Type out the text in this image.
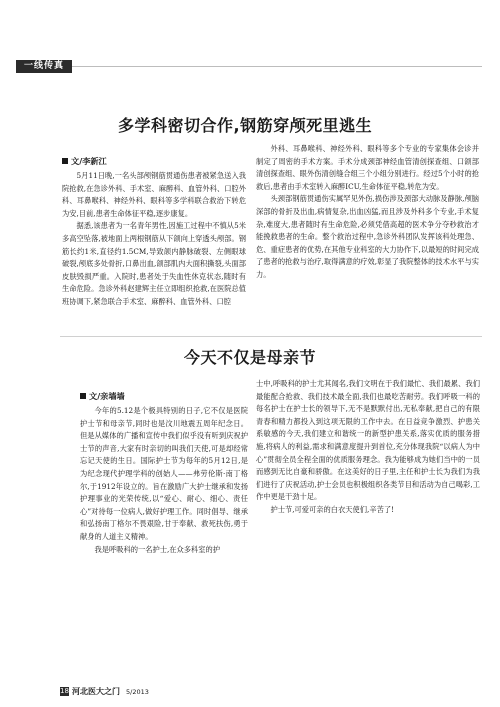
一线传真
多学科密切合作,钢筋穿颅死里逃生
文/李新江

5月11日晚,一名头部颅钢筋贯通伤患者被紧急送入我院抢救,在急诊外科、手术室、麻醉科、血管外科、口腔外科、耳鼻喉科、神经外科、眼科等多学科联合救治下转危为安,目前,患者生命体征平稳,逐步康复。

据悉,该患者为一名青年男性,因施工过程中不慎从5米多高空坠落,被地面上两根钢筋从下颌向上穿透头颅部。钢筋长约1米,直径约1.5CM,导致颌内静脉破裂、左侧眼球破裂,颅底多处骨折,口鼻出血,颌部肌内大面积撕裂,头面部皮肤毁损严重。入院时,患者处于失血性休克状态,随时有生命危险。急诊外科赵建辉主任立即组织抢救,在医院总值班协调下,紧急联合手术室、麻醉科、血管外科、口腔

外科、耳鼻喉科、神经外科、眼科等多个专业的专家集体会诊并制定了周密的手术方案。手术分成颈部神经血管清创探查组、口颌部清创探查组、眼外伤清创缝合组三个小组分别进行。经过5个小时的抢救后,患者由手术室转入麻醉ICU,生命体征平稳,转危为安。

头颈部钢筋贯通伤实属罕见外伤,损伤涉及颈部大动脉及静脉,颅脑深部的骨折及出血,病情复杂,出血凶猛,而且涉及外科多个专业,手术复杂,难度大,患者随时有生命危险,必须凭借高超的医术争分夺秒救治才能挽救患者的生命。整个救治过程中,急诊外科团队发挥该科处理急、危、重症患者的优势,在其他专业科室的大力协作下,以最短的时间完成了患者的抢救与治疗,取得满意的疗效,彰显了我院整体的技术水平与实力。

今天不仅是母亲节
文/亲墙墙

今年的5.12是个极具特别的日子,它不仅是医院护士节和母亲节,同时也是汶川地震五周年纪念日。但是从媒体的广播和宣传中我们似乎没有听到庆祝护士节的声音,大家有时亲切的叫我们天使,可是却经常忘记天使的生日。国际护士节为每年的5月12日,是为纪念现代护理学科的创始人——弗劳伦斯·南丁格尔,于1912年设立的。旨在激励广大护士继承和发扬护理事业的光荣传统,以“爱心、耐心、细心、责任心”对待每一位病人,做好护理工作。同时倡导、继承和弘扬南丁格尔不畏艰险,甘于奉献、救死扶伤,勇于献身的人道主义精神。

我是呼吸科的一名护士,在众多科室的护

士中,呼吸科的护士尤其闻名,我们文明在于我们最忙、我们最累、我们最能配合抢救、我们技术最全面,我们也最吃苦耐劳。我们呼吸一科的每名护士在护士长的领导下,无不是默默付出,无私奉献,把自己的有限青春和精力都投入到这项无限的工作中去。在日益竞争激烈、护患关系敏感的今天,我们建立和谐统一的新型护患关系,落实优质的服务措施,将病人的利益,需求和满意度提升到首位,充分体现我院“以病人为中心”贯彻全员全程全面的优质服务理念。我为能够成为她们当中的一员而感到无比自豪和骄傲。在这美好的日子里,主任和护士长为我们为我们进行了庆祝活动,护士会员也积极组织各类节目和活动为自己喝彩,工作中更是干劲十足。

护士节,可爱可亲的白衣天使们,辛苦了!

18 河北医大之门 5/2013
